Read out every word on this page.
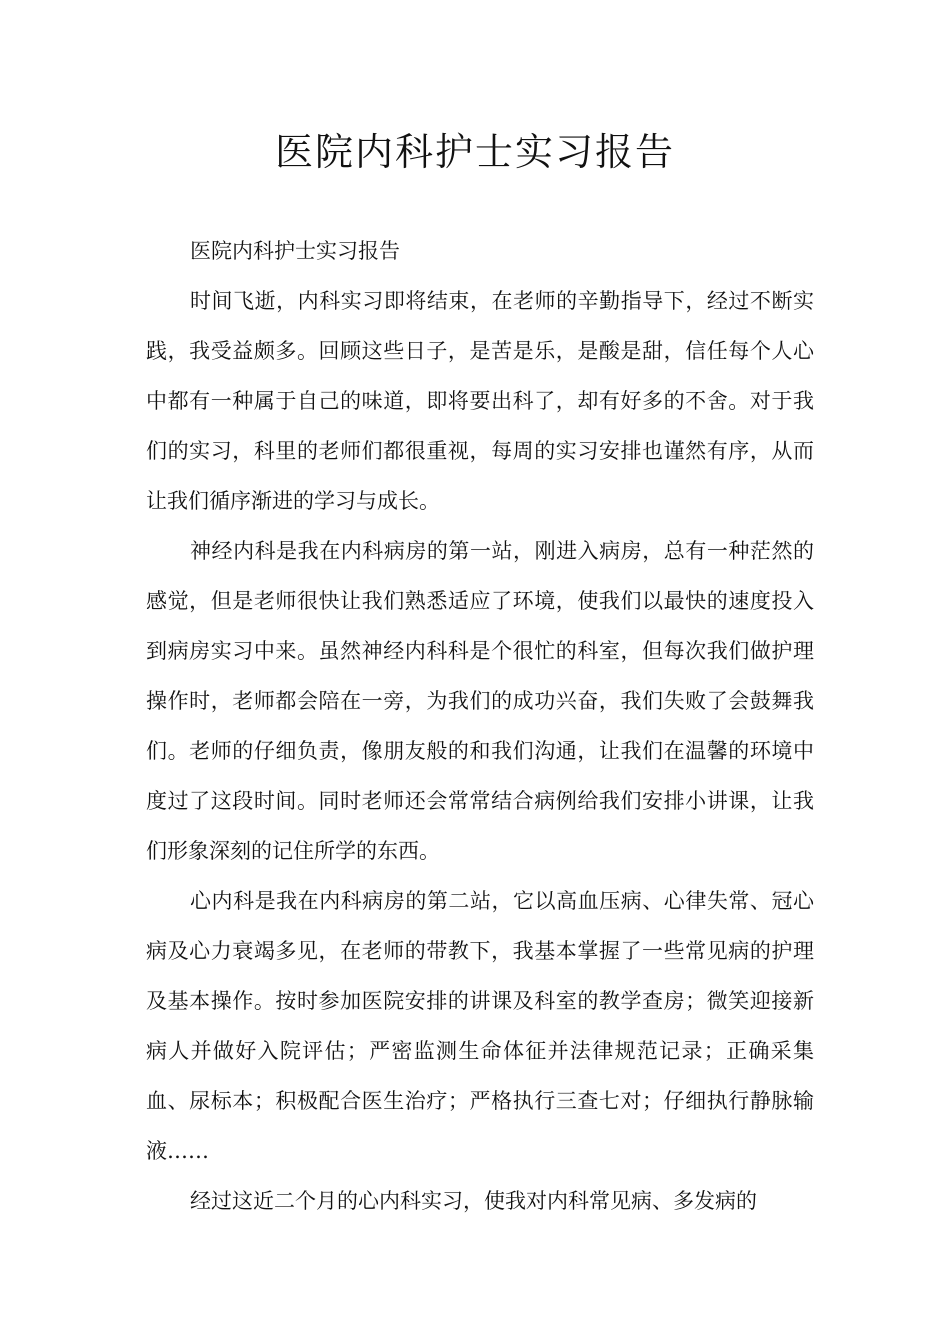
医院内科护士实习报告

医院内科护士实习报告

时间飞逝，内科实习即将结束，在老师的辛勤指导下，经过不断实践，我受益颇多。回顾这些日子，是苦是乐，是酸是甜，信任每个人心中都有一种属于自己的味道，即将要出科了，却有好多的不舍。对于我们的实习，科里的老师们都很重视，每周的实习安排也谨然有序，从而让我们循序渐进的学习与成长。

神经内科是我在内科病房的第一站，刚进入病房，总有一种茫然的感觉，但是老师很快让我们熟悉适应了环境，使我们以最快的速度投入到病房实习中来。虽然神经内科科是个很忙的科室，但每次我们做护理操作时，老师都会陪在一旁，为我们的成功兴奋，我们失败了会鼓舞我们。老师的仔细负责，像朋友般的和我们沟通，让我们在温馨的环境中度过了这段时间。同时老师还会常常结合病例给我们安排小讲课，让我们形象深刻的记住所学的东西。

心内科是我在内科病房的第二站，它以高血压病、心律失常、冠心病及心力衰竭多见，在老师的带教下，我基本掌握了一些常见病的护理及基本操作。按时参加医院安排的讲课及科室的教学查房；微笑迎接新病人并做好入院评估；严密监测生命体征并法律规范记录；正确采集血、尿标本；积极配合医生治疗；严格执行三查七对；仔细执行静脉输液……

经过这近二个月的心内科实习，使我对内科常见病、多发病的
